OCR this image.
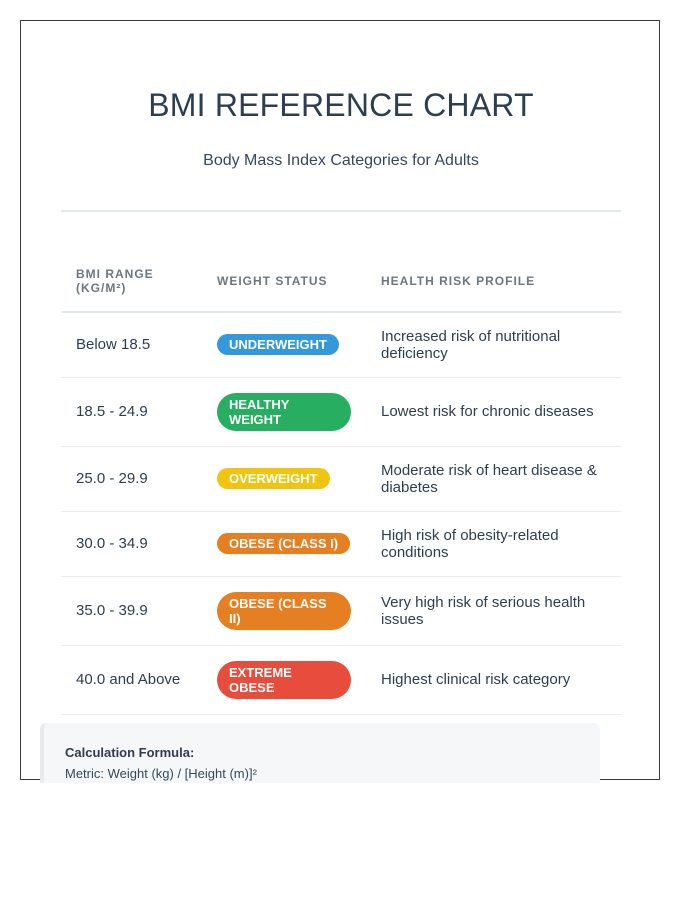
BMI REFERENCE CHART
Body Mass Index Categories for Adults
BMI RANGE (KG/M²)	WEIGHT STATUS	HEALTH RISK PROFILE
Below 18.5	UNDERWEIGHT	Increased risk of nutritional deficiency
18.5 - 24.9	HEALTHY WEIGHT	Lowest risk for chronic diseases
25.0 - 29.9	OVERWEIGHT	Moderate risk of heart disease & diabetes
30.0 - 34.9	OBESE (CLASS I)	High risk of obesity-related conditions
35.0 - 39.9	OBESE (CLASS II)	Very high risk of serious health issues
40.0 and Above	EXTREME OBESE	Highest clinical risk category
Calculation Formula:
Metric: Weight (kg) / [Height (m)]²
